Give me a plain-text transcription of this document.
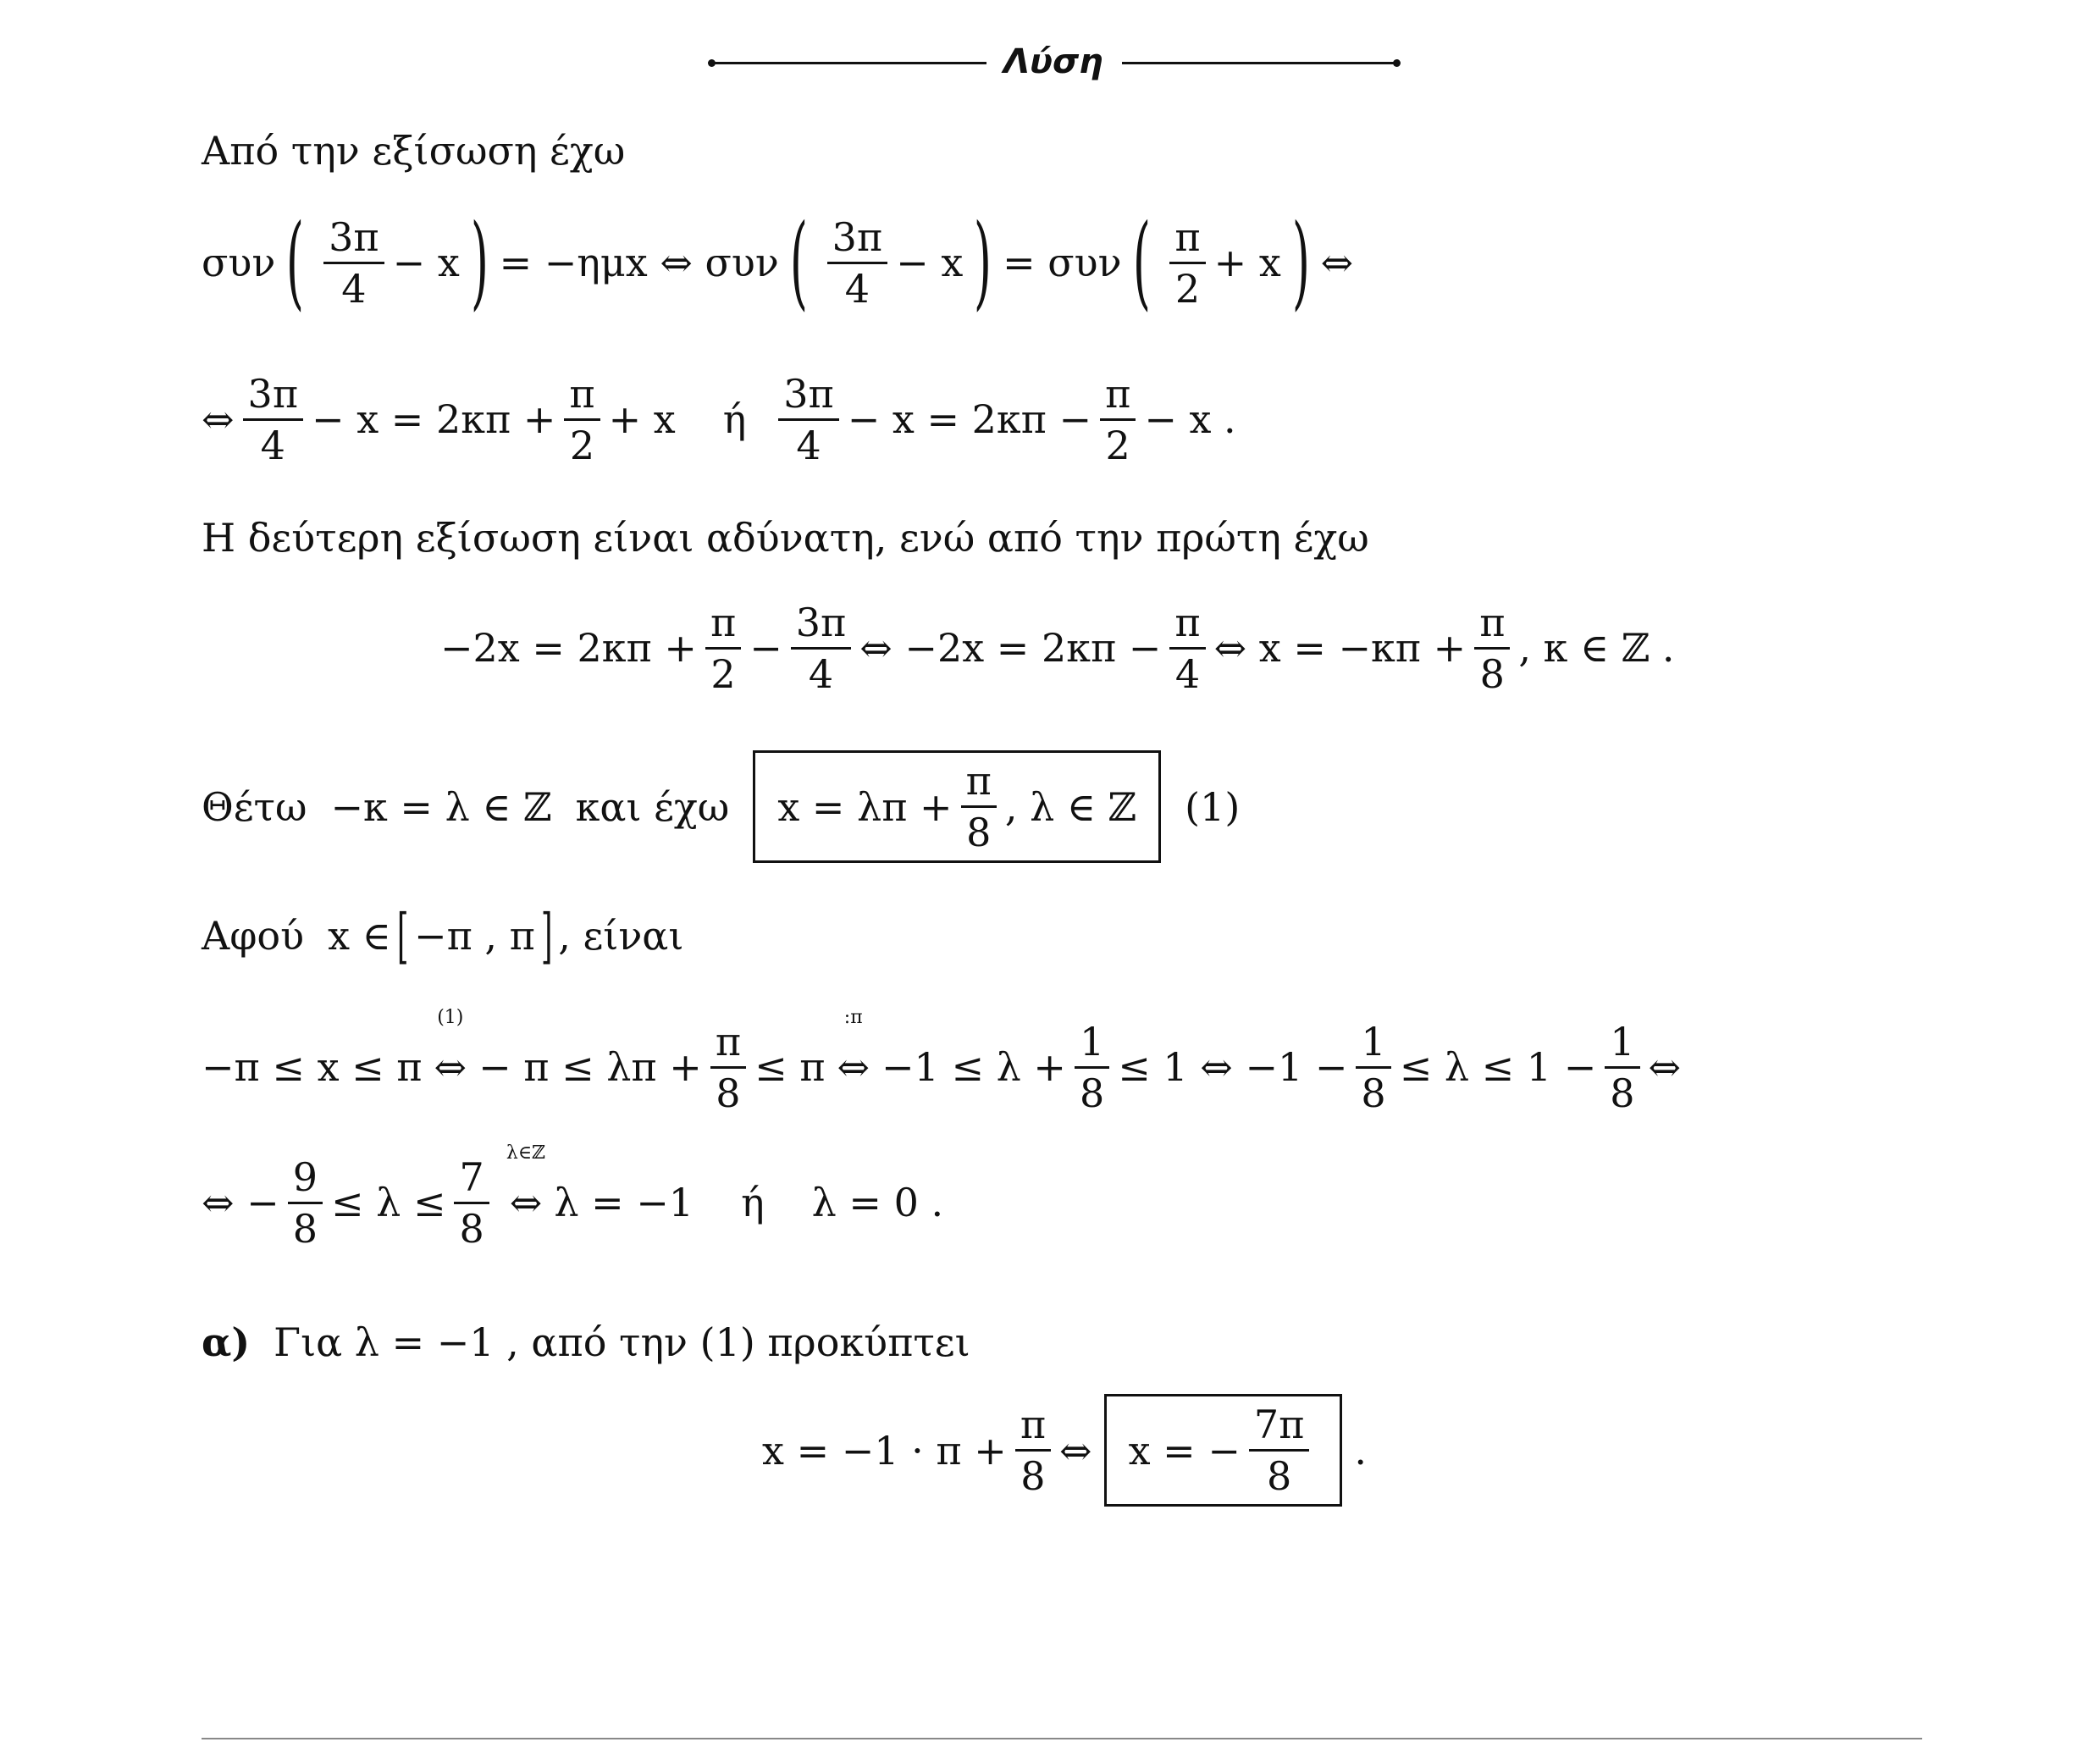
Λύση
Από την εξίσωση έχω
συν ( $\frac{3\pi}{4} - x$ ) = −ημx ⇔ συν ( $\frac{3\pi}{4} - x$ ) = συν ( $\frac{\pi}{2} + x$ ) ⇔
⇔ $\frac{3\pi}{4} - x = 2\kappa\pi + \frac{\pi}{2} + x$ ή $\frac{3\pi}{4} - x = 2\kappa\pi - \frac{\pi}{2} - x$ .
Η δεύτερη εξίσωση είναι αδύνατη, ενώ από την πρώτη έχω
$-2x = 2\kappa\pi + \frac{\pi}{2} - \frac{3\pi}{4}$ ⇔ $-2x = 2\kappa\pi - \frac{\pi}{4}$ ⇔ $x = -\kappa\pi + \frac{\pi}{8}$ , κ ∈ ℤ .
Θέτω −κ = λ ∈ ℤ και έχω $x = \lambda\pi + \frac{\pi}{8}$ , λ ∈ ℤ (1)
Αφού x ∈ [ −π , π ] , είναι
−π ≤ x ≤ π
(1)
⇔ − $\pi \le \lambda\pi + \frac{\pi}{8} \le \pi$
:π
⇔ $-1 \le \lambda + \frac{1}{8} \le 1$ ⇔ $-1 - \frac{1}{8} \le \lambda \le 1 - \frac{1}{8}$ ⇔
⇔ − $\frac{9}{8} \le \lambda \le \frac{7}{8}$
λ∈ℤ
⇔ λ = −1 ή λ = 0 .
α) Για λ = −1 , από την (1) προκύπτει
$x = -1 \cdot \pi + \frac{\pi}{8}$ ⇔ x = − $\frac{7\pi}{8}$ .
